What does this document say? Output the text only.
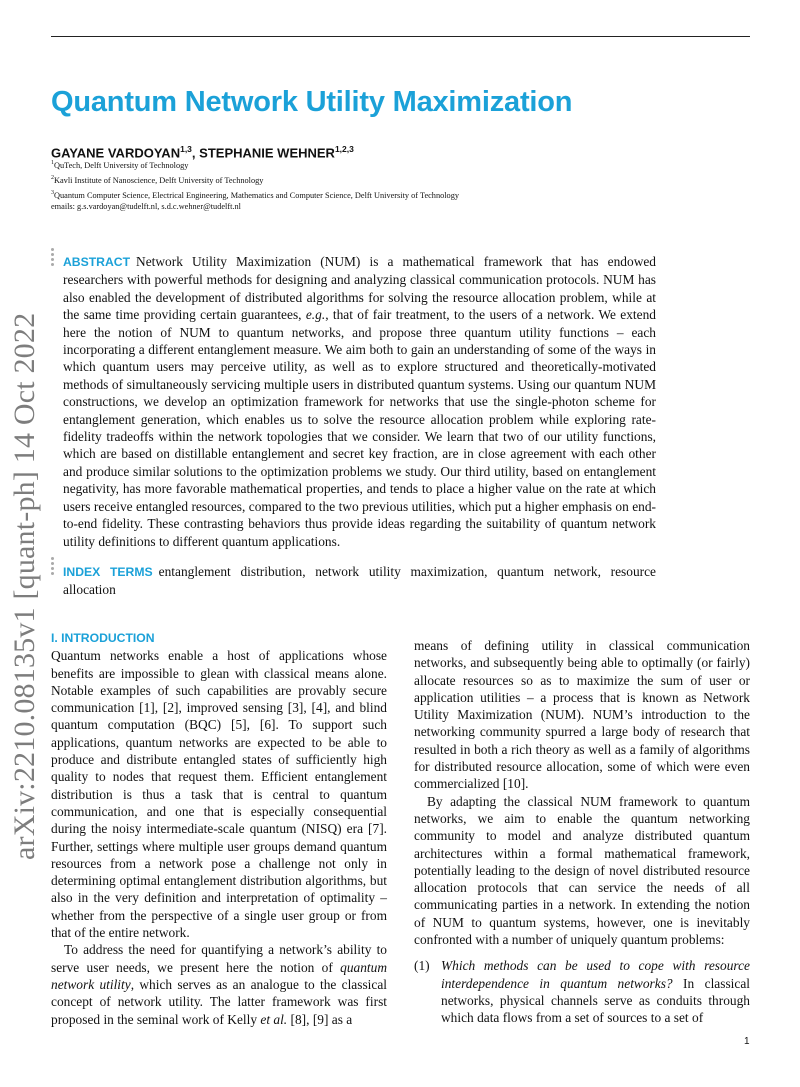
arXiv:2210.08135v1 [quant-ph] 14 Oct 2022
Quantum Network Utility Maximization
GAYANE VARDOYAN$^{1,3}$, STEPHANIE WEHNER$^{1,2,3}$
$^1$QuTech, Delft University of Technology
$^2$Kavli Institute of Nanoscience, Delft University of Technology
$^3$Quantum Computer Science, Electrical Engineering, Mathematics and Computer Science, Delft University of Technology
emails: g.s.vardoyan@tudelft.nl, s.d.c.wehner@tudelft.nl
ABSTRACT Network Utility Maximization (NUM) is a mathematical framework that has endowed researchers with powerful methods for designing and analyzing classical communication protocols. NUM has also enabled the development of distributed algorithms for solving the resource allocation problem, while at the same time providing certain guarantees, e.g., that of fair treatment, to the users of a network. We extend here the notion of NUM to quantum networks, and propose three quantum utility functions – each incorporating a different entanglement measure. We aim both to gain an understanding of some of the ways in which quantum users may perceive utility, as well as to explore structured and theoretically-motivated methods of simultaneously servicing multiple users in distributed quantum systems. Using our quantum NUM constructions, we develop an optimization framework for networks that use the single-photon scheme for entanglement generation, which enables us to solve the resource allocation problem while exploring rate-fidelity tradeoffs within the network topologies that we consider. We learn that two of our utility functions, which are based on distillable entanglement and secret key fraction, are in close agreement with each other and produce similar solutions to the optimization problems we study. Our third utility, based on entanglement negativity, has more favorable mathematical properties, and tends to place a higher value on the rate at which users receive entangled resources, compared to the two previous utilities, which put a higher emphasis on end-to-end fidelity. These contrasting behaviors thus provide ideas regarding the suitability of quantum network utility definitions to different quantum applications.
INDEX TERMS entanglement distribution, network utility maximization, quantum network, resource allocation
I. INTRODUCTION

Quantum networks enable a host of applications whose benefits are impossible to glean with classical means alone. Notable examples of such capabilities are provably secure communication [1], [2], improved sensing [3], [4], and blind quantum computation (BQC) [5], [6]. To support such applications, quantum networks are expected to be able to produce and distribute entangled states of sufficiently high quality to nodes that request them. Efficient entanglement distribution is thus a task that is central to quantum communication, and one that is especially consequential during the noisy intermediate-scale quantum (NISQ) era [7]. Further, settings where multiple user groups demand quantum resources from a network pose a challenge not only in determining optimal entanglement distribution algorithms, but also in the very definition and interpretation of optimality – whether from the perspective of a single user group or from that of the entire network.

To address the need for quantifying a network’s ability to serve user needs, we present here the notion of quantum network utility, which serves as an analogue to the classical concept of network utility. The latter framework was first proposed in the seminal work of Kelly et al. [8], [9] as a

means of defining utility in classical communication networks, and subsequently being able to optimally (or fairly) allocate resources so as to maximize the sum of user or application utilities – a process that is known as Network Utility Maximization (NUM). NUM’s introduction to the networking community spurred a large body of research that resulted in both a rich theory as well as a family of algorithms for distributed resource allocation, some of which were even commercialized [10].

By adapting the classical NUM framework to quantum networks, we aim to enable the quantum networking community to model and analyze distributed quantum architectures within a formal mathematical framework, potentially leading to the design of novel distributed resource allocation protocols that can service the needs of all communicating parties in a network. In extending the notion of NUM to quantum systems, however, one is inevitably confronted with a number of uniquely quantum problems:

(1) Which methods can be used to cope with resource interdependence in quantum networks? In classical networks, physical channels serve as conduits through which data flows from a set of sources to a set of
1
